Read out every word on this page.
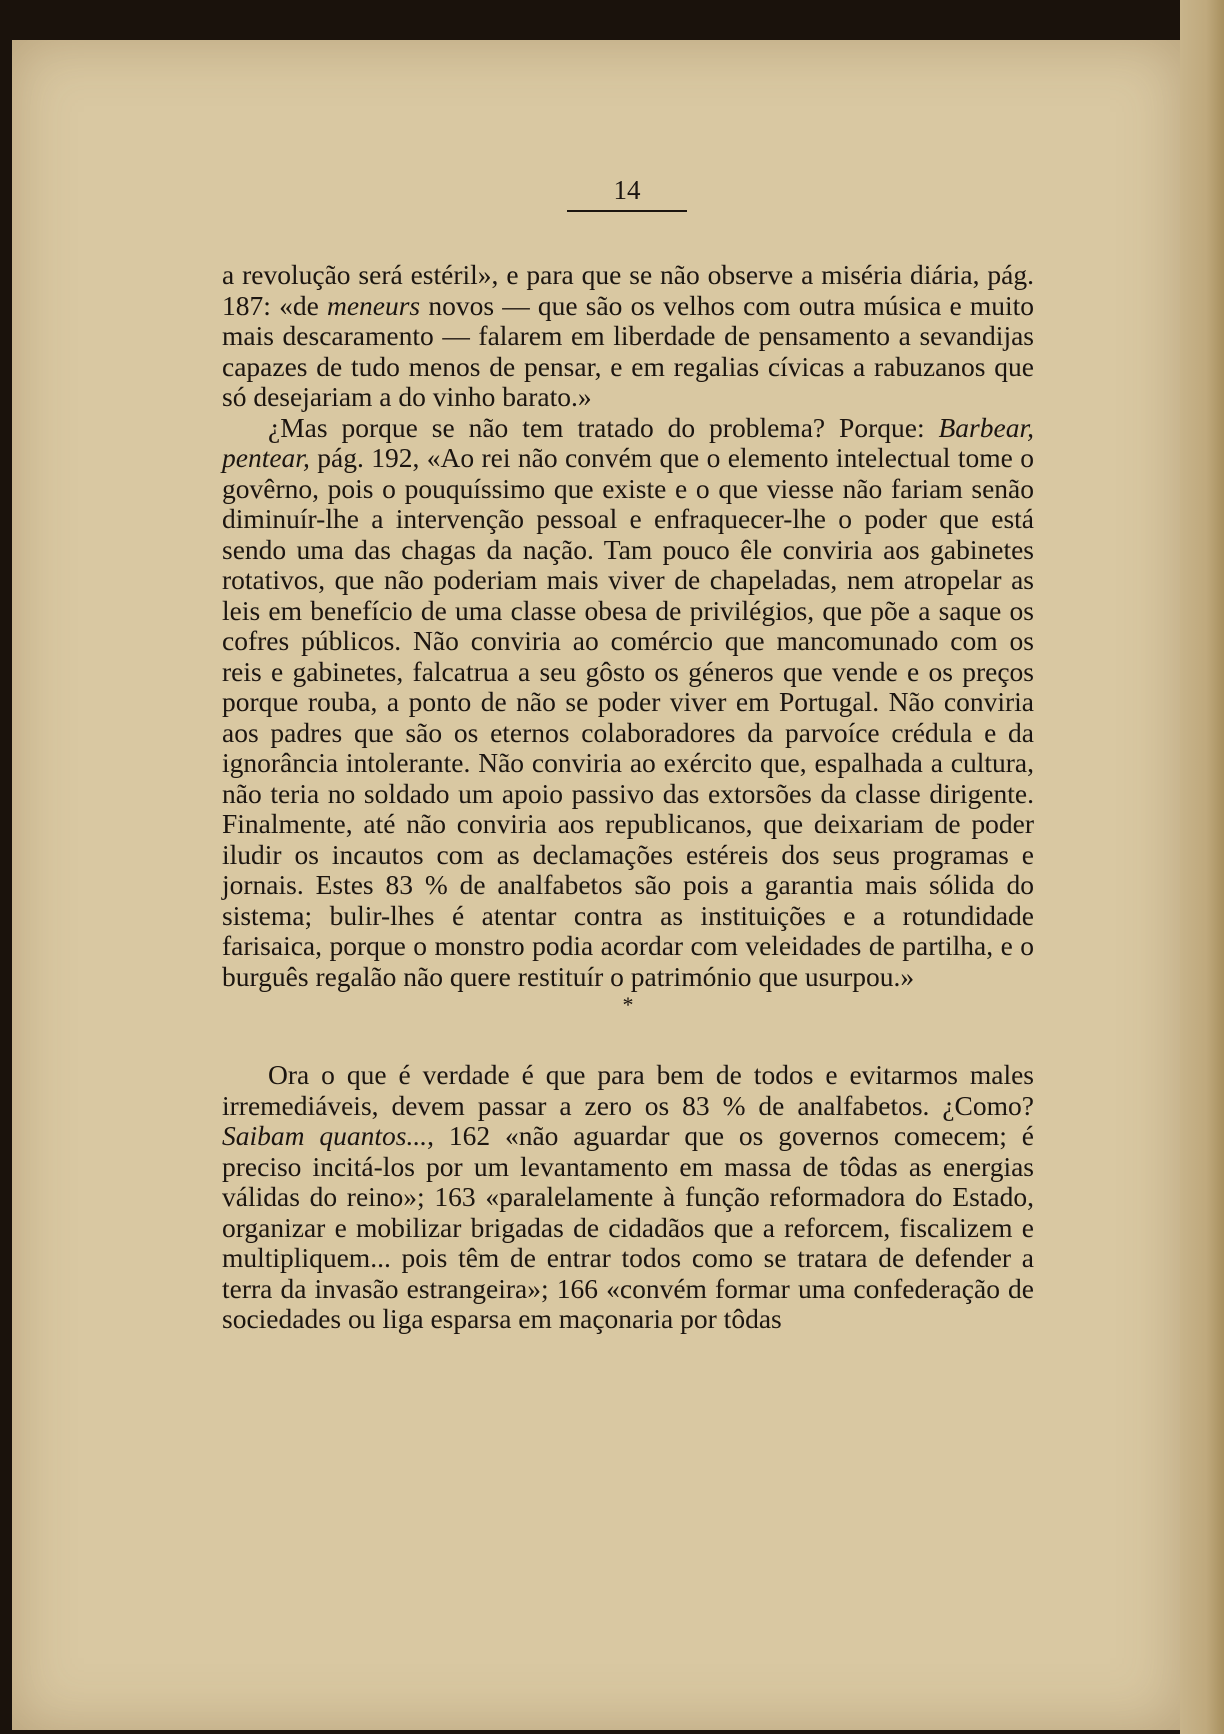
14

a revolução será estéril», e para que se não observe a miséria diária, pág. 187: «de meneurs novos — que são os velhos com outra música e muito mais descaramento — falarem em liberdade de pensamento a sevandijas capazes de tudo menos de pensar, e em regalias cívicas a rabuzanos que só desejariam a do vinho barato.»

¿Mas porque se não tem tratado do problema? Porque: Barbear, pentear, pág. 192, «Ao rei não convém que o elemento intelectual tome o govêrno, pois o pouquíssimo que existe e o que viesse não fariam senão diminuír-lhe a intervenção pessoal e enfraquecer-lhe o poder que está sendo uma das chagas da nação. Tam pouco êle conviria aos gabinetes rotativos, que não poderiam mais viver de chapeladas, nem atropelar as leis em benefício de uma classe obesa de privilégios, que põe a saque os cofres públicos. Não conviria ao comércio que mancomunado com os reis e gabinetes, falcatrua a seu gôsto os géneros que vende e os preços porque rouba, a ponto de não se poder viver em Portugal. Não conviria aos padres que são os eternos colaboradores da parvoíce crédula e da ignorância intolerante. Não conviria ao exército que, espalhada a cultura, não teria no soldado um apoio passivo das extorsões da classe dirigente. Finalmente, até não conviria aos republicanos, que deixariam de poder iludir os incautos com as declamações estéreis dos seus programas e jornais. Estes 83 % de analfabetos são pois a garantia mais sólida do sistema; bulir-lhes é atentar contra as instituições e a rotundidade farisaica, porque o monstro podia acordar com veleidades de partilha, e o burguês regalão não quere restituír o património que usurpou.»

*

Ora o que é verdade é que para bem de todos e evitarmos males irremediáveis, devem passar a zero os 83 % de analfabetos. ¿Como? Saibam quantos..., 162 «não aguardar que os governos comecem; é preciso incitá-los por um levantamento em massa de tôdas as energias válidas do reino»; 163 «paralelamente à função reformadora do Estado, organizar e mobilizar brigadas de cidadãos que a reforcem, fiscalizem e multipliquem... pois têm de entrar todos como se tratara de defender a terra da invasão estrangeira»; 166 «convém formar uma confederação de sociedades ou liga esparsa em maçonaria por tôdas
